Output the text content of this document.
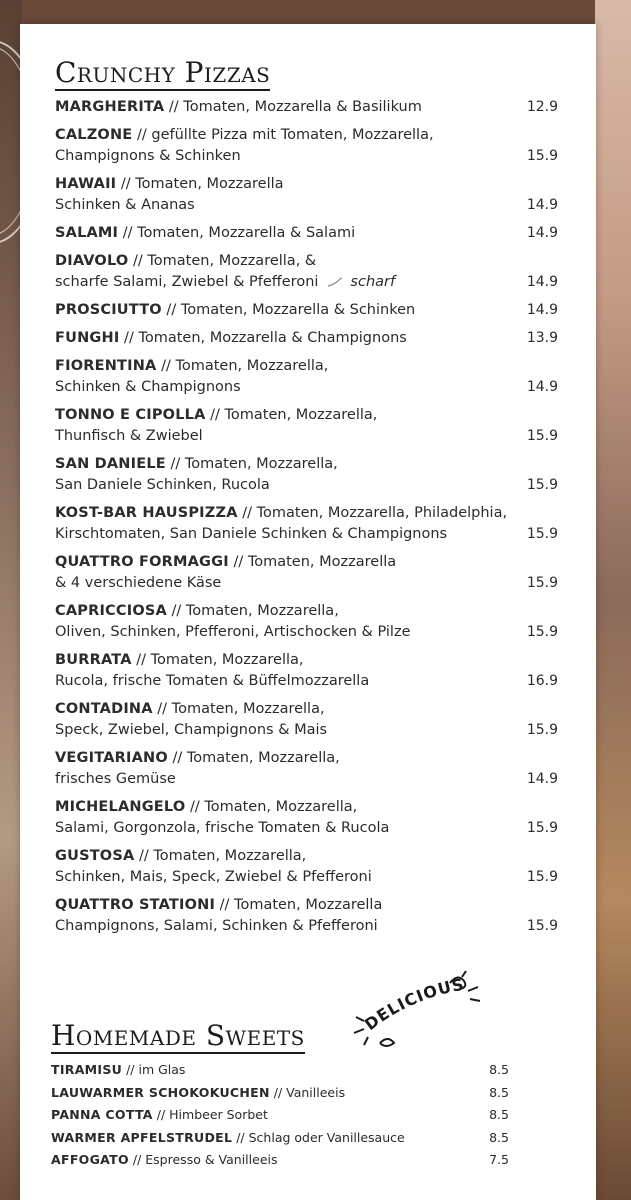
Crunchy Pizzas
MARGHERITA // Tomaten, Mozzarella & Basilikum	12.9
CALZONE // gefüllte Pizza mit Tomaten, Mozzarella,
Champignons & Schinken	15.9
HAWAII // Tomaten, Mozzarella
Schinken & Ananas	14.9
SALAMI // Tomaten, Mozzarella & Salami	14.9
DIAVOLO // Tomaten, Mozzarella, &
scharfe Salami, Zwiebel & Pfefferoni scharf	14.9
PROSCIUTTO // Tomaten, Mozzarella & Schinken	14.9
FUNGHI // Tomaten, Mozzarella & Champignons	13.9
FIORENTINA // Tomaten, Mozzarella,
Schinken & Champignons	14.9
TONNO E CIPOLLA // Tomaten, Mozzarella,
Thunfisch & Zwiebel	15.9
SAN DANIELE // Tomaten, Mozzarella,
San Daniele Schinken, Rucola	15.9
KOST-BAR HAUSPIZZA // Tomaten, Mozzarella, Philadelphia,
Kirschtomaten, San Daniele Schinken & Champignons	15.9
QUATTRO FORMAGGI // Tomaten, Mozzarella
& 4 verschiedene Käse	15.9
CAPRICCIOSA // Tomaten, Mozzarella,
Oliven, Schinken, Pfefferoni, Artischocken & Pilze	15.9
BURRATA // Tomaten, Mozzarella,
Rucola, frische Tomaten & Büffelmozzarella	16.9
CONTADINA // Tomaten, Mozzarella,
Speck, Zwiebel, Champignons & Mais	15.9
VEGITARIANO // Tomaten, Mozzarella,
frisches Gemüse	14.9
MICHELANGELO // Tomaten, Mozzarella,
Salami, Gorgonzola, frische Tomaten & Rucola	15.9
GUSTOSA // Tomaten, Mozzarella,
Schinken, Mais, Speck, Zwiebel & Pfefferoni	15.9
QUATTRO STATIONI // Tomaten, Mozzarella
Champignons, Salami, Schinken & Pfefferoni	15.9
DELICIOUS
Homemade Sweets
TIRAMISU // im Glas	8.5
LAUWARMER SCHOKOKUCHEN // Vanilleeis	8.5
PANNA COTTA // Himbeer Sorbet	8.5
WARMER APFELSTRUDEL // Schlag oder Vanillesauce	8.5
AFFOGATO // Espresso & Vanilleeis	7.5
